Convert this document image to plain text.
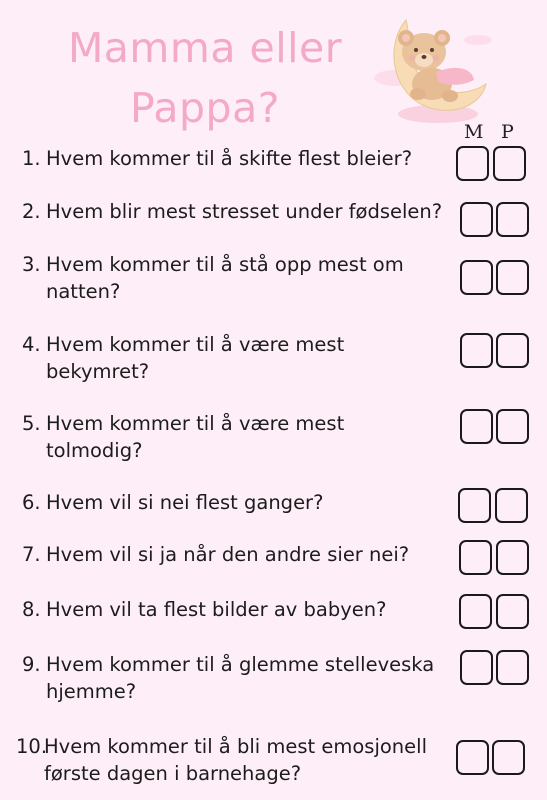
Mamma eller
Pappa?	M P
1. Hvem kommer til å skifte flest bleier?
2. Hvem blir mest stresset under fødselen?
3. Hvem kommer til å stå opp mest om
natten?
4. Hvem kommer til å være mest
bekymret?
5. Hvem kommer til å være mest
tolmodig?
6. Hvem vil si nei flest ganger?
7. Hvem vil si ja når den andre sier nei?
8. Hvem vil ta flest bilder av babyen?
9. Hvem kommer til å glemme stelleveska
hjemme?
10.
Hvem kommer til å bli mest emosjonell
første dagen i barnehage?
